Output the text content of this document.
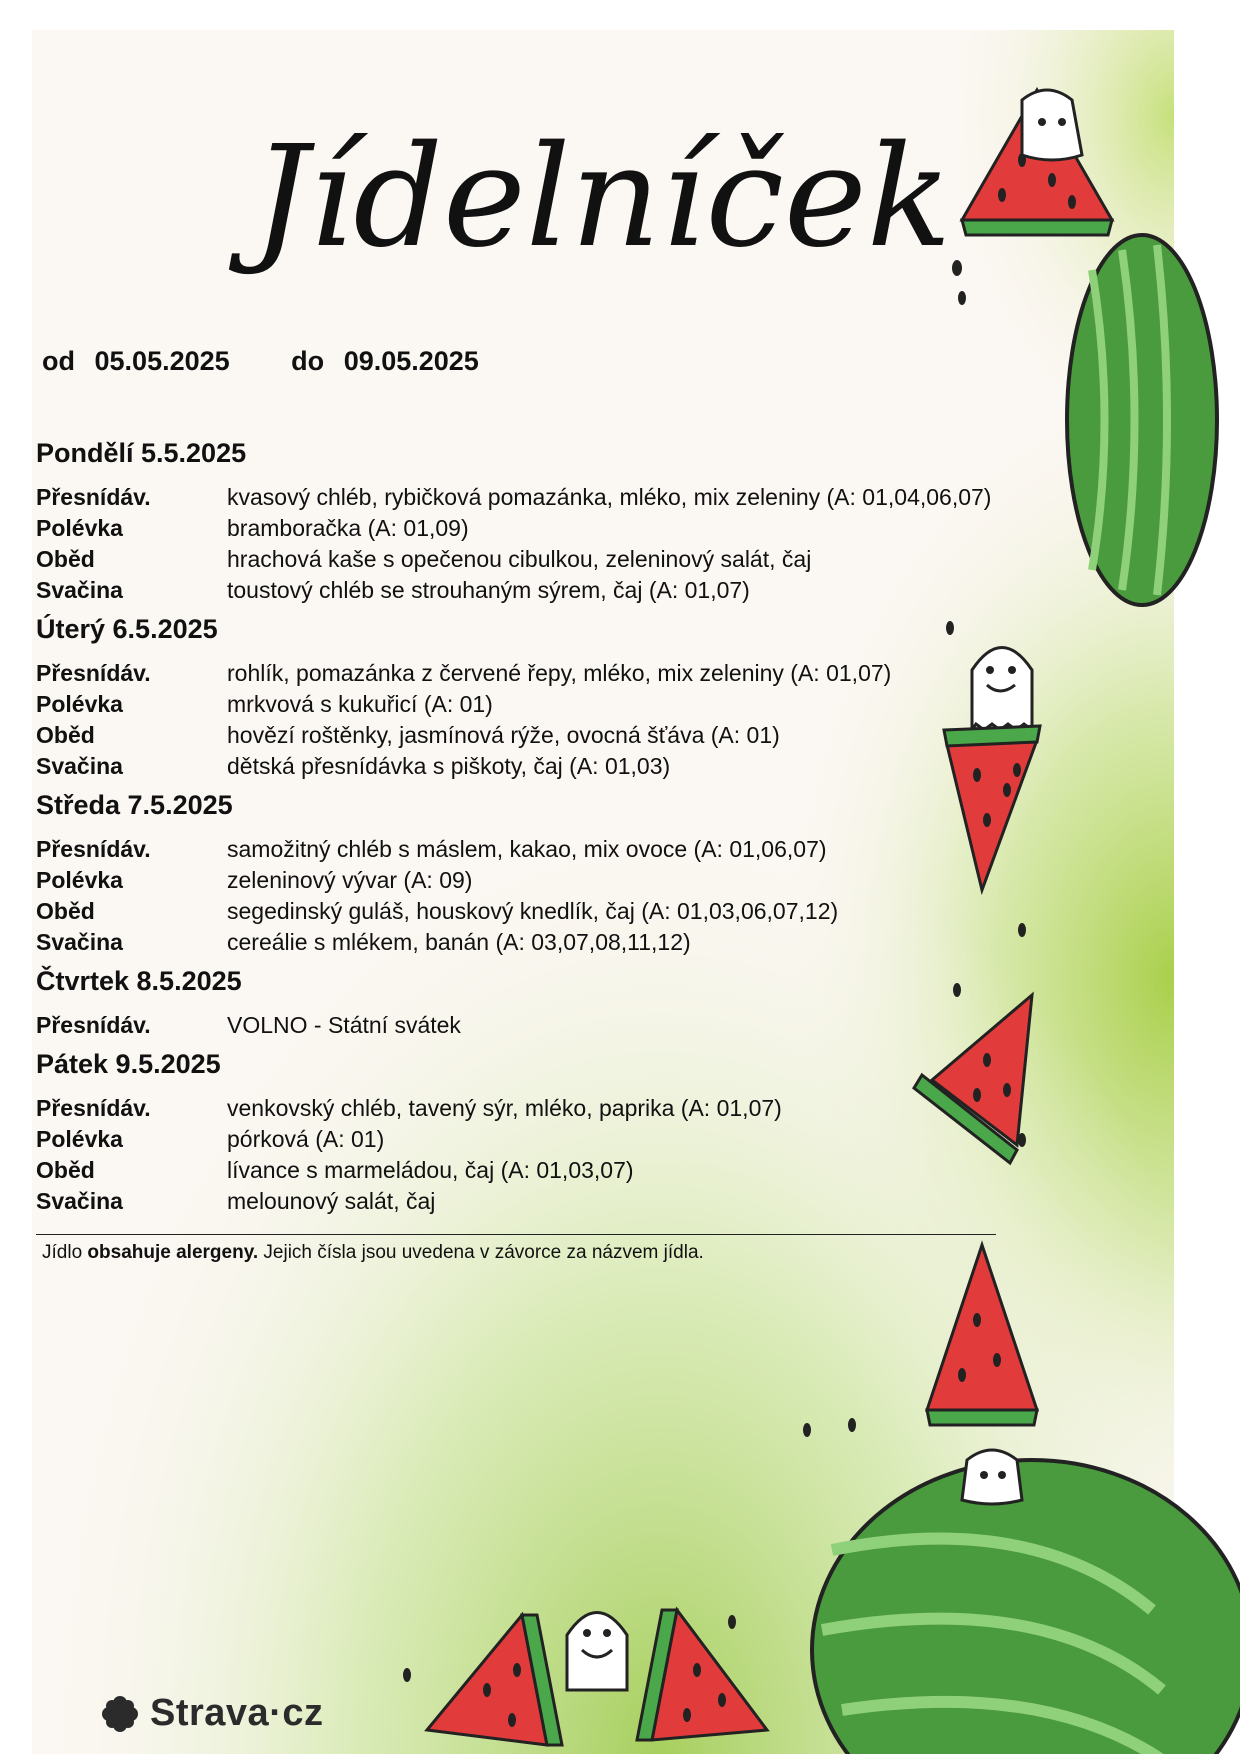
Jídelníček
od 05.05.2025 do 09.05.2025
Pondělí 5.5.2025
Přesnídáv.	kvasový chléb, rybičková pomazánka, mléko, mix zeleniny (A: 01,04,06,07)
Polévka	bramboračka (A: 01,09)
Oběd	hrachová kaše s opečenou cibulkou, zeleninový salát, čaj
Svačina	toustový chléb se strouhaným sýrem, čaj (A: 01,07)
Úterý 6.5.2025
Přesnídáv.	rohlík, pomazánka z červené řepy, mléko, mix zeleniny (A: 01,07)
Polévka	mrkvová s kukuřicí (A: 01)
Oběd	hovězí roštěnky, jasmínová rýže, ovocná šťáva (A: 01)
Svačina	dětská přesnídávka s piškoty, čaj (A: 01,03)
Středa 7.5.2025
Přesnídáv.	samožitný chléb s máslem, kakao, mix ovoce (A: 01,06,07)
Polévka	zeleninový vývar (A: 09)
Oběd	segedinský guláš, houskový knedlík, čaj (A: 01,03,06,07,12)
Svačina	cereálie s mlékem, banán (A: 03,07,08,11,12)
Čtvrtek 8.5.2025
Přesnídáv.	VOLNO - Státní svátek
Pátek 9.5.2025
Přesnídáv.	venkovský chléb, tavený sýr, mléko, paprika (A: 01,07)
Polévka	pórková (A: 01)
Oběd	lívance s marmeládou, čaj (A: 01,03,07)
Svačina	melounový salát, čaj
Jídlo obsahuje alergeny. Jejich čísla jsou uvedena v závorce za názvem jídla.
Strava·cz
